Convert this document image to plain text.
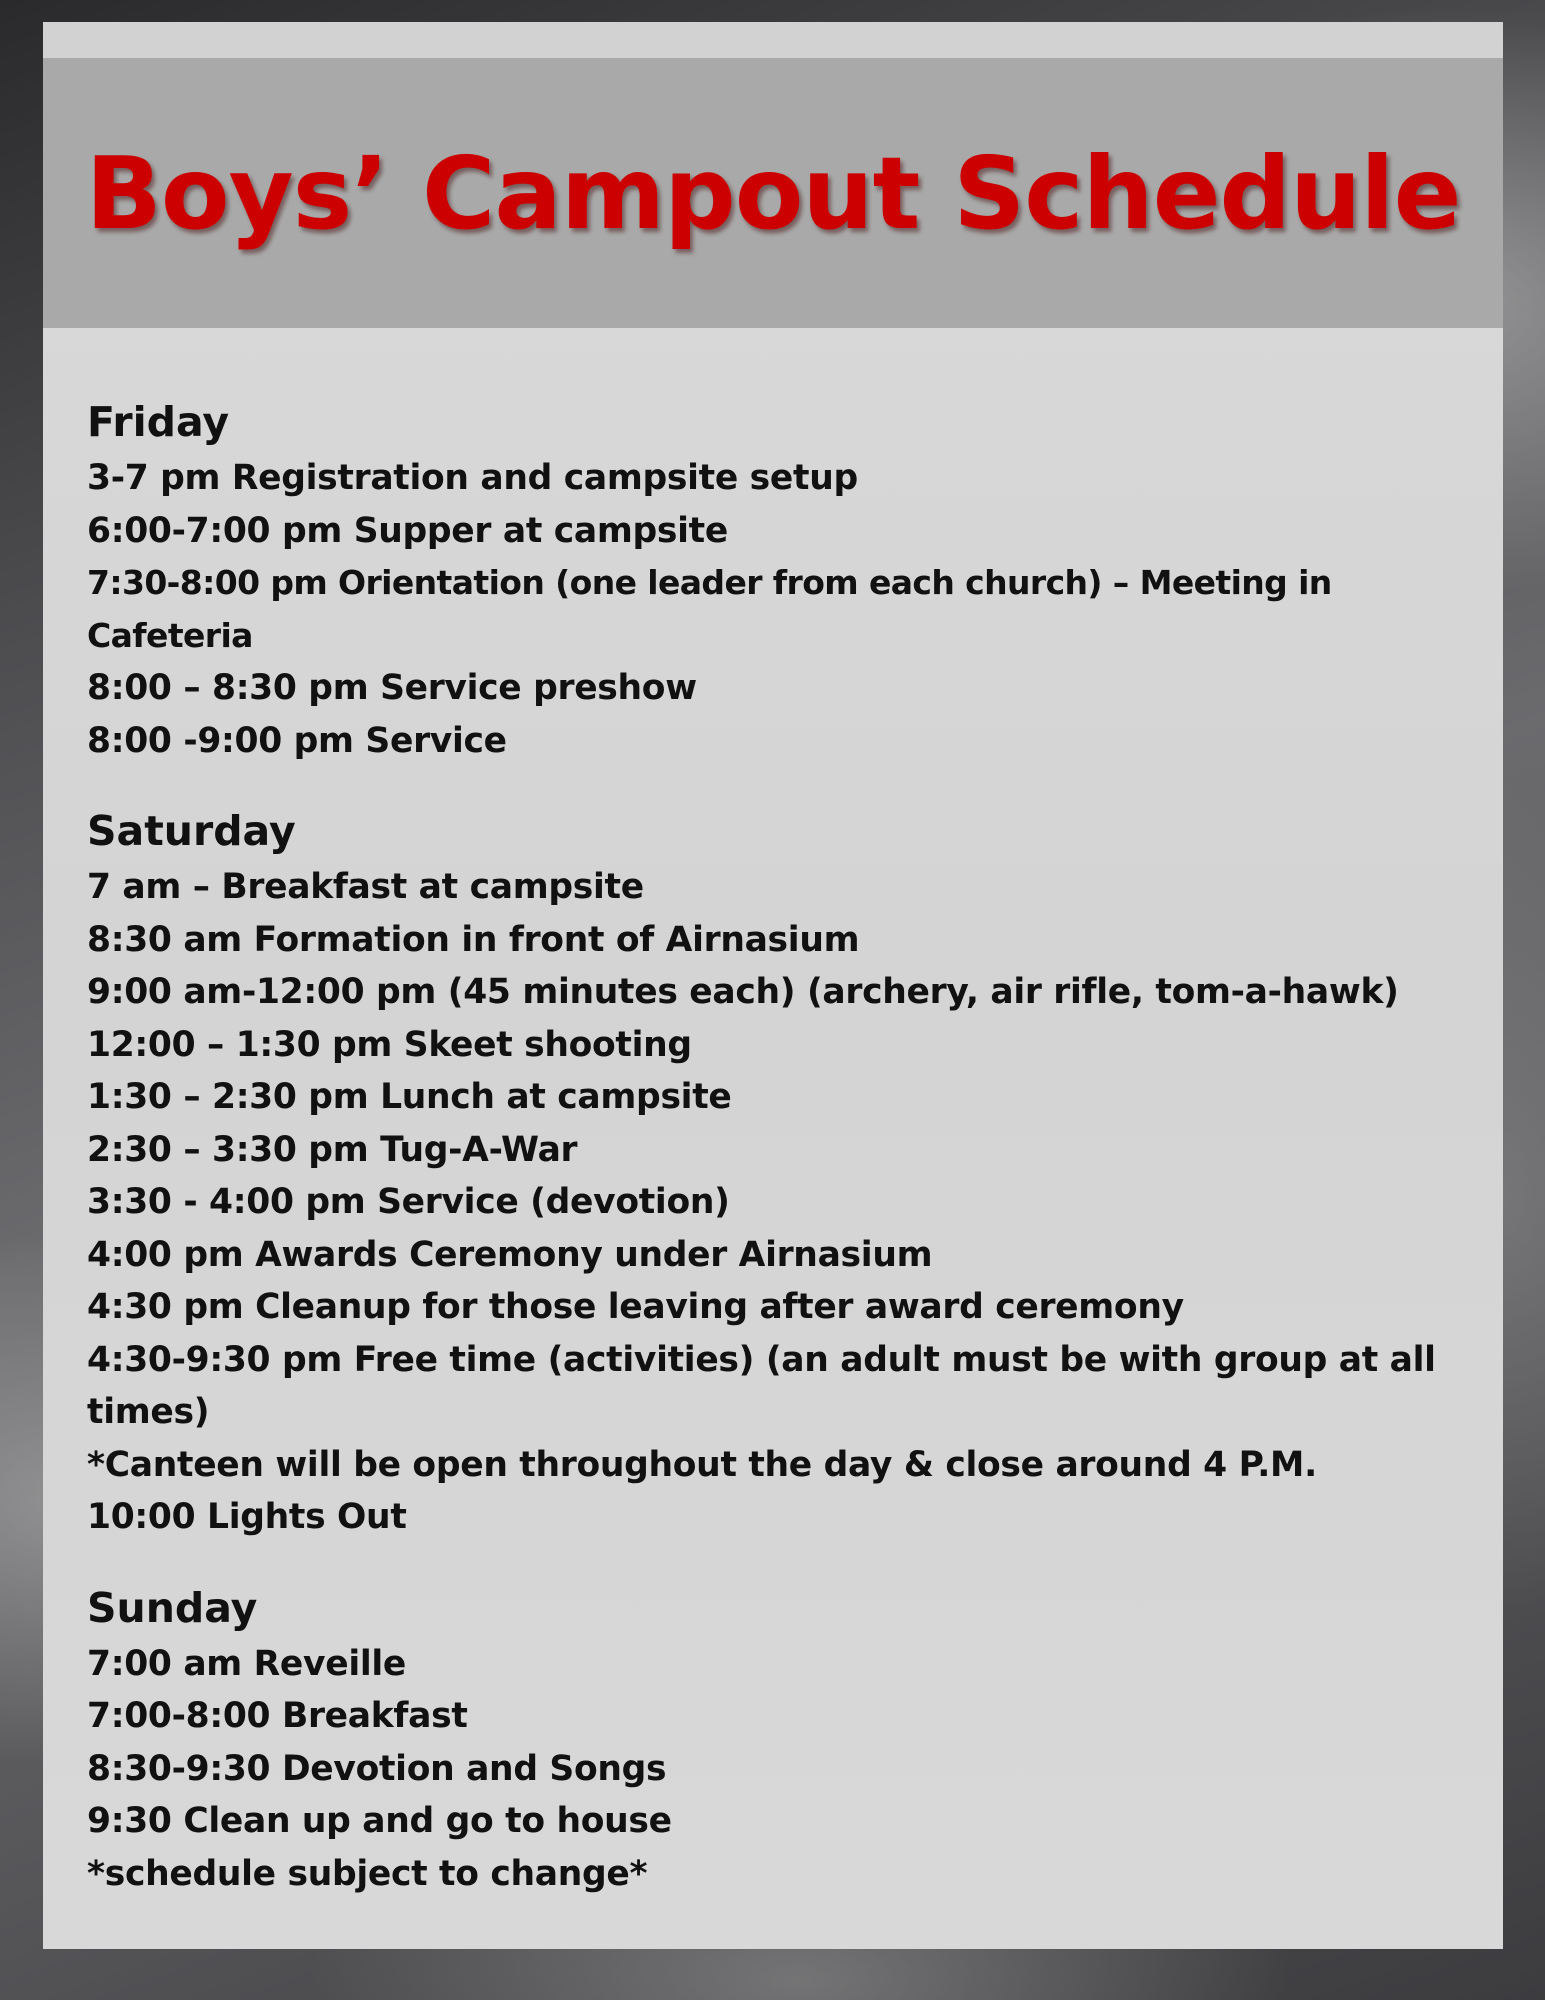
Boys’ Campout Schedule

Friday

3-7 pm Registration and campsite setup

6:00-7:00 pm Supper at campsite

7:30-8:00 pm Orientation (one leader from each church) – Meeting in Cafeteria

8:00 – 8:30 pm Service preshow

8:00 -9:00 pm Service

Saturday

7 am – Breakfast at campsite

8:30 am Formation in front of Airnasium

9:00 am-12:00 pm (45 minutes each) (archery, air rifle, tom-a-hawk)

12:00 – 1:30 pm Skeet shooting

1:30 – 2:30 pm Lunch at campsite

2:30 – 3:30 pm Tug-A-War

3:30 - 4:00 pm Service (devotion)

4:00 pm Awards Ceremony under Airnasium

4:30 pm Cleanup for those leaving after award ceremony

4:30-9:30 pm Free time (activities) (an adult must be with group at all

times)

*Canteen will be open throughout the day & close around 4 P.M.

10:00 Lights Out

Sunday

7:00 am Reveille

7:00-8:00 Breakfast

8:30-9:30 Devotion and Songs

9:30 Clean up and go to house

*schedule subject to change*
